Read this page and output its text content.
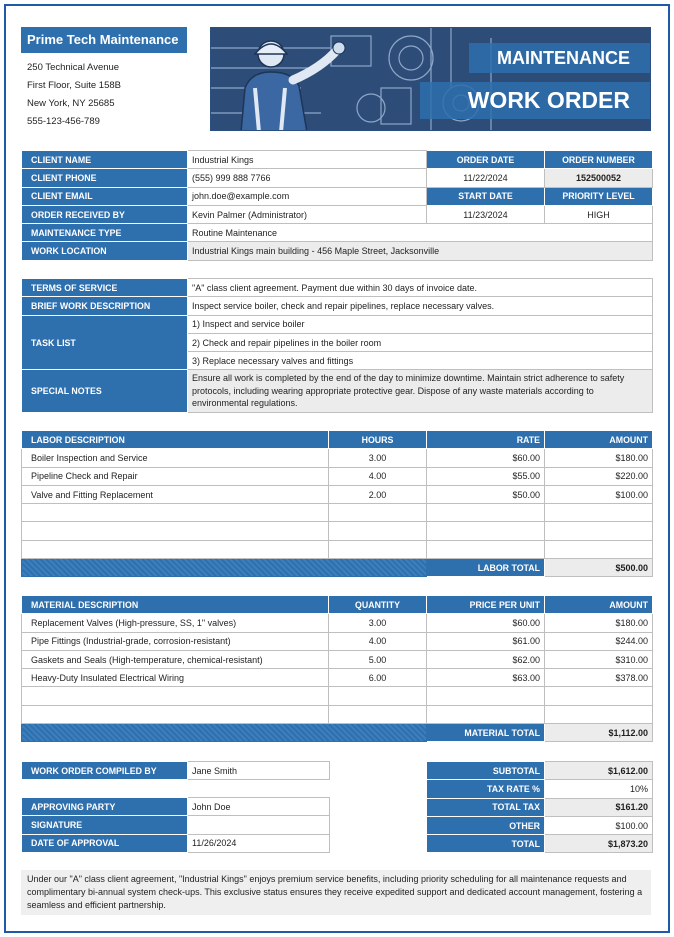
Prime Tech Maintenance
250 Technical Avenue
First Floor, Suite 158B
New York, NY 25685
555-123-456-789
MAINTENANCE
WORK ORDER
CLIENT NAME	Industrial Kings	ORDER DATE	ORDER NUMBER
CLIENT PHONE	(555) 999 888 7766	11/22/2024	152500052
CLIENT EMAIL	john.doe@example.com	START DATE	PRIORITY LEVEL
ORDER RECEIVED BY	Kevin Palmer (Administrator)	11/23/2024	HIGH
MAINTENANCE TYPE	Routine Maintenance		
WORK LOCATION	Industrial Kings main building - 456 Maple Street, Jacksonville		
TERMS OF SERVICE	"A" class client agreement. Payment due within 30 days of invoice date.
BRIEF WORK DESCRIPTION	Inspect service boiler, check and repair pipelines, replace necessary valves.
TASK LIST	1) Inspect and service boiler
	2) Check and repair pipelines in the boiler room
	3) Replace necessary valves and fittings
SPECIAL NOTES	Ensure all work is completed by the end of the day to minimize downtime. Maintain strict adherence to safety protocols, including wearing appropriate protective gear. Dispose of any waste materials according to environmental regulations.
LABOR DESCRIPTION	HOURS	RATE	AMOUNT
Boiler Inspection and Service	3.00	$60.00	$180.00
Pipeline Check and Repair	4.00	$55.00	$220.00
Valve and Fitting Replacement	2.00	$50.00	$100.00

		LABOR TOTAL	$500.00
MATERIAL DESCRIPTION	QUANTITY	PRICE PER UNIT	AMOUNT
Replacement Valves (High-pressure, SS, 1" valves)	3.00	$60.00	$180.00
Pipe Fittings (Industrial-grade, corrosion-resistant)	4.00	$61.00	$244.00
Gaskets and Seals (High-temperature, chemical-resistant)	5.00	$62.00	$310.00
Heavy-Duty Insulated Electrical Wiring	6.00	$63.00	$378.00

		MATERIAL TOTAL	$1,112.00
WORK ORDER COMPILED BY	Jane Smith
APPROVING PARTY	John Doe
SIGNATURE	
DATE OF APPROVAL	11/26/2024
SUBTOTAL	$1,612.00
TAX RATE %	10%
TOTAL TAX	$161.20
OTHER	$100.00
TOTAL	$1,873.20
Under our "A" class client agreement, "Industrial Kings" enjoys premium service benefits, including priority scheduling for all maintenance requests and complimentary bi-annual system check-ups. This exclusive status ensures they receive expedited support and dedicated account management, fostering a seamless and efficient partnership.
